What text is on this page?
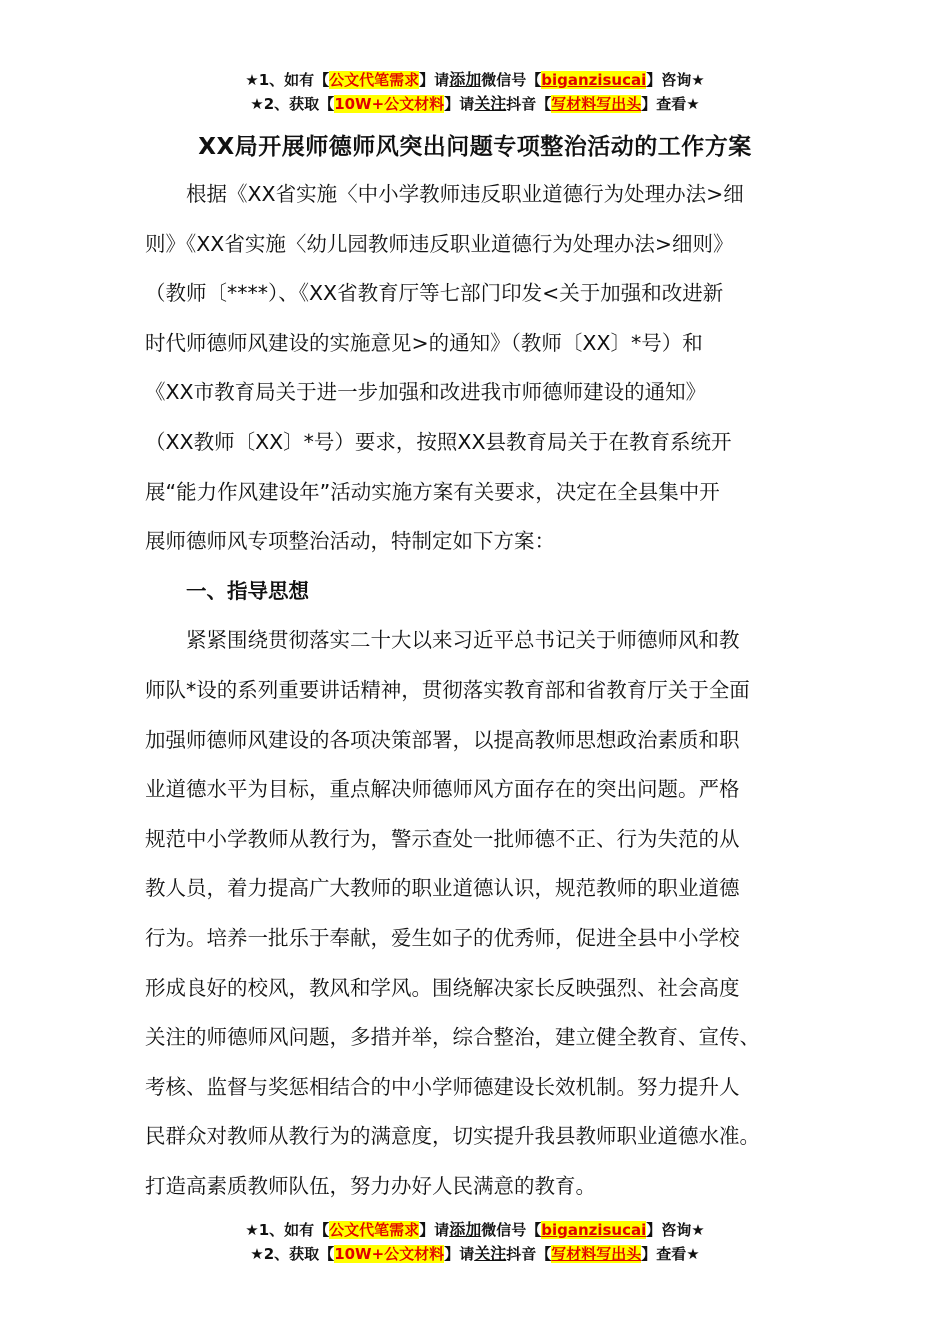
★1、如有【公文代笔需求】请添加微信号【biganzisucai】咨询★
★2、获取【10W+公文材料】请关注抖音【写材料写出头】查看★
XX局开展师德师风突出问题专项整治活动的工作方案

根据《XX省实施〈中小学教师违反职业道德行为处理办法>细
则》《XX省实施〈幼儿园教师违反职业道德行为处理办法>细则》
（教师〔****）、《XX省教育厅等七部门印发<关于加强和改进新
时代师德师风建设的实施意见>的通知》（教师〔XX〕*号）和
《XX市教育局关于进一步加强和改进我市师德师建设的通知》
（XX教师〔XX〕*号）要求，按照XX县教育局关于在教育系统开
展“能力作风建设年”活动实施方案有关要求，决定在全县集中开
展师德师风专项整治活动，特制定如下方案：

一、指导思想

紧紧围绕贯彻落实二十大以来习近平总书记关于师德师风和教
师队*设的系列重要讲话精神，贯彻落实教育部和省教育厅关于全面
加强师德师风建设的各项决策部署，以提高教师思想政治素质和职
业道德水平为目标，重点解决师德师风方面存在的突出问题。严格
规范中小学教师从教行为，警示查处一批师德不正、行为失范的从
教人员，着力提高广大教师的职业道德认识，规范教师的职业道德
行为。培养一批乐于奉献，爱生如子的优秀师，促进全县中小学校
形成良好的校风，教风和学风。围绕解决家长反映强烈、社会高度
关注的师德师风问题，多措并举，综合整治，建立健全教育、宣传、
考核、监督与奖惩相结合的中小学师德建设长效机制。努力提升人
民群众对教师从教行为的满意度，切实提升我县教师职业道德水准。
打造高素质教师队伍，努力办好人民满意的教育。

★1、如有【公文代笔需求】请添加微信号【biganzisucai】咨询★
★2、获取【10W+公文材料】请关注抖音【写材料写出头】查看★
